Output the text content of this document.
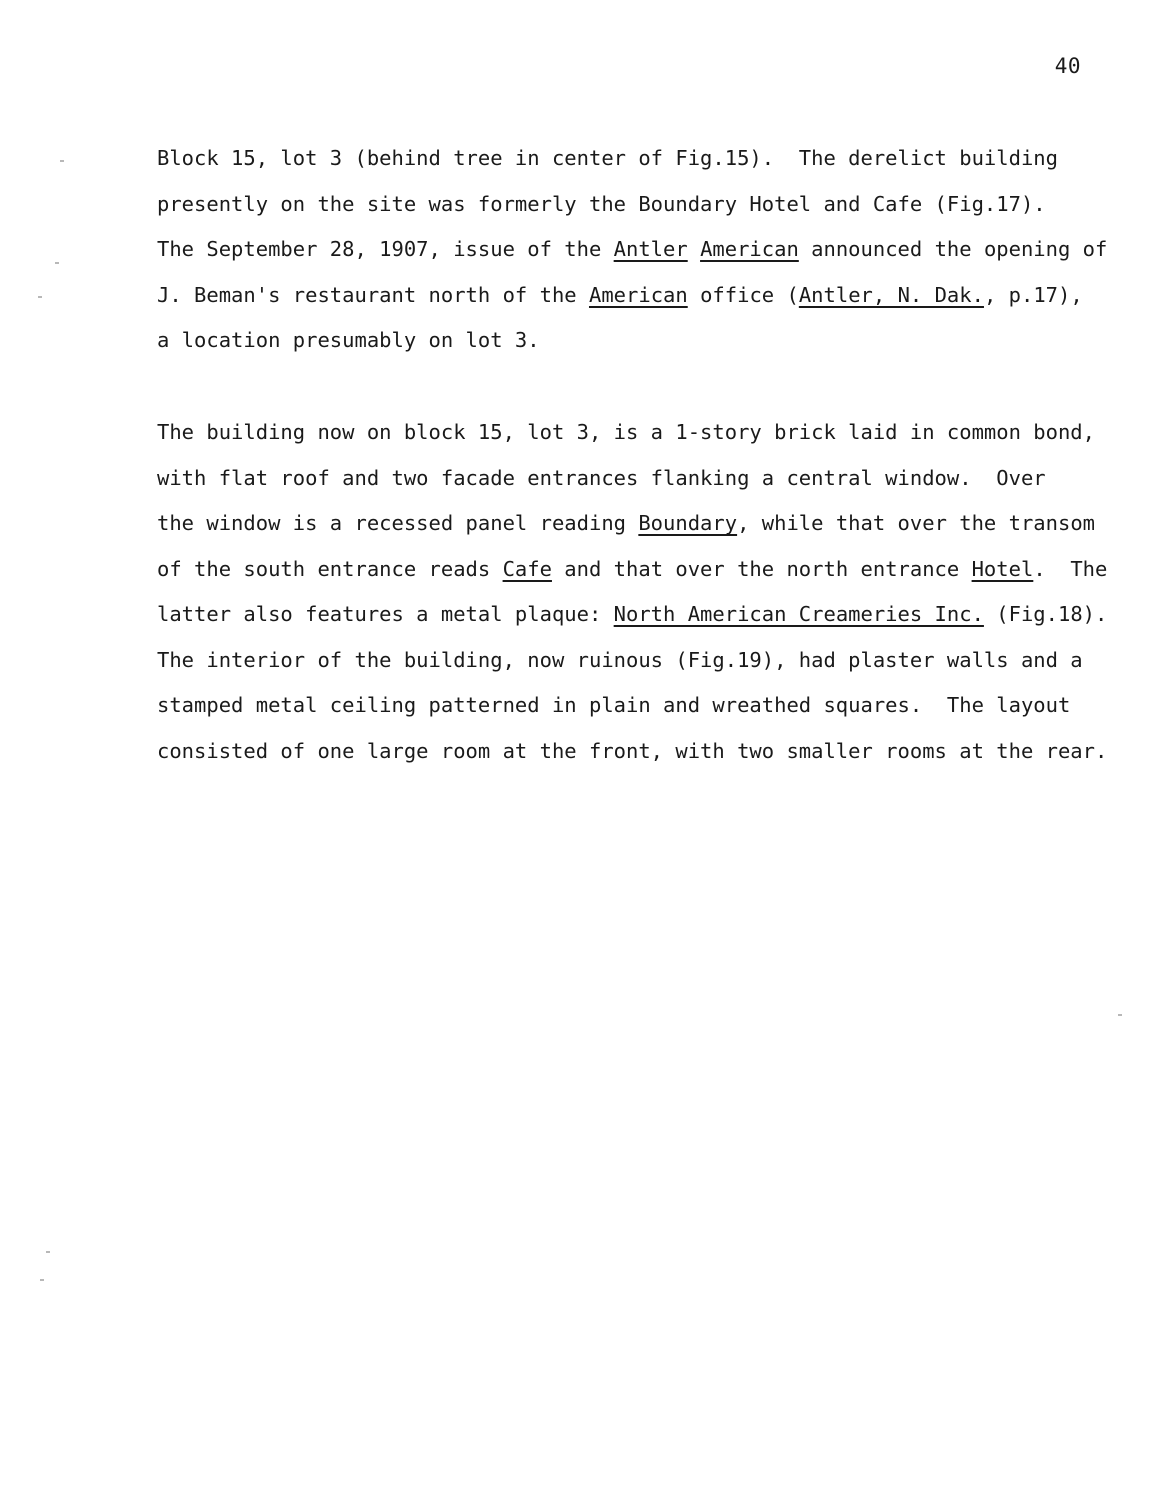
40
Block 15, lot 3 (behind tree in center of Fig.15).  The derelict building
presently on the site was formerly the Boundary Hotel and Cafe (Fig.17).
The September 28, 1907, issue of the Antler American announced the opening of
J. Beman's restaurant north of the American office (Antler, N. Dak., p.17),
a location presumably on lot 3.
The building now on block 15, lot 3, is a 1-story brick laid in common bond,
with flat roof and two facade entrances flanking a central window.  Over
the window is a recessed panel reading Boundary, while that over the transom
of the south entrance reads Cafe and that over the north entrance Hotel.  The
latter also features a metal plaque: North American Creameries Inc. (Fig.18).
The interior of the building, now ruinous (Fig.19), had plaster walls and a
stamped metal ceiling patterned in plain and wreathed squares.  The layout
consisted of one large room at the front, with two smaller rooms at the rear.
